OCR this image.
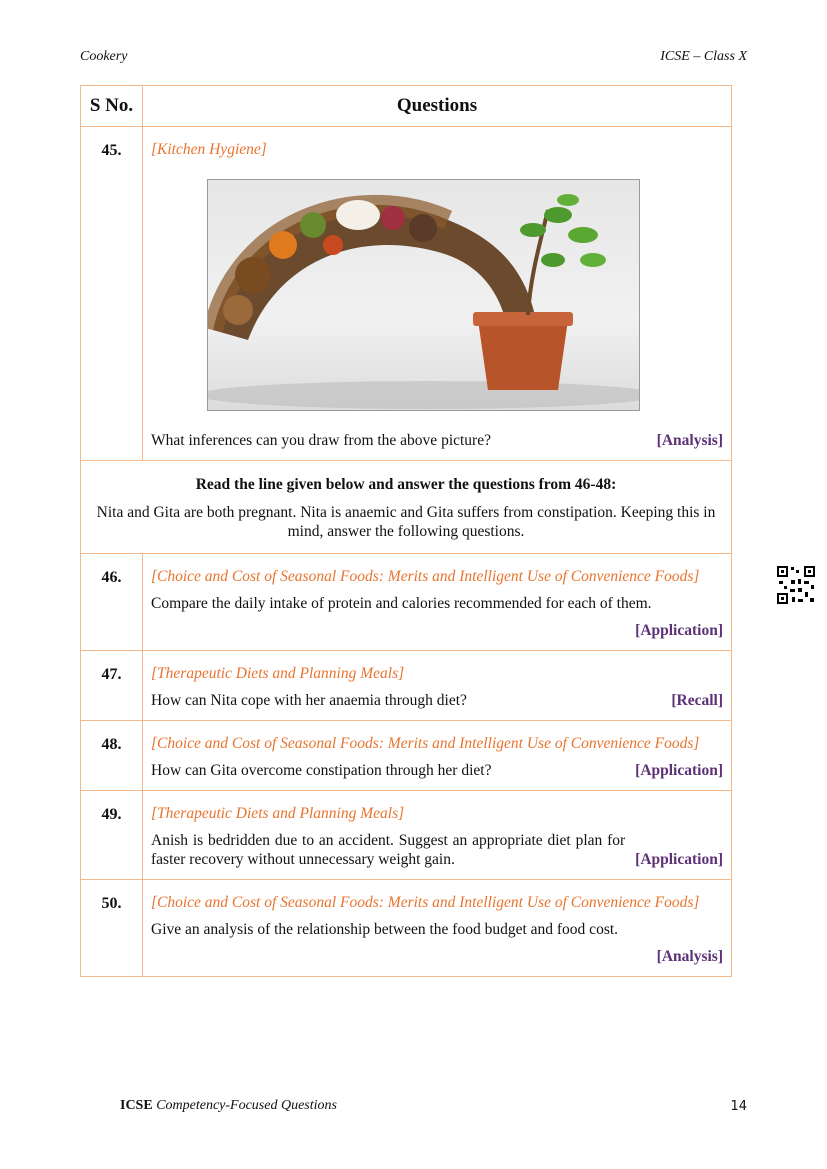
Cookery	ICSE – Class X
S No.	Questions
45.	[Kitchen Hygiene]
What inferences can you draw from the above picture? [Analysis]

Read the line given below and answer the questions from 46-48:
Nita and Gita are both pregnant. Nita is anaemic and Gita suffers from constipation. Keeping this in mind, answer the following questions.	

46.	[Choice and Cost of Seasonal Foods: Merits and Intelligent Use of Convenience Foods]
Compare the daily intake of protein and calories recommended for each of them.
[Application]

47.	[Therapeutic Diets and Planning Meals]
How can Nita cope with her anaemia through diet? [Recall]

48.	[Choice and Cost of Seasonal Foods: Merits and Intelligent Use of Convenience Foods]
How can Gita overcome constipation through her diet? [Application]

49.	[Therapeutic Diets and Planning Meals]
Anish is bedridden due to an accident. Suggest an appropriate diet plan for faster recovery without unnecessary weight gain. [Application]

50.	[Choice and Cost of Seasonal Foods: Merits and Intelligent Use of Convenience Foods]
Give an analysis of the relationship between the food budget and food cost.
[Analysis]
ICSE Competency-Focused Questions	14
